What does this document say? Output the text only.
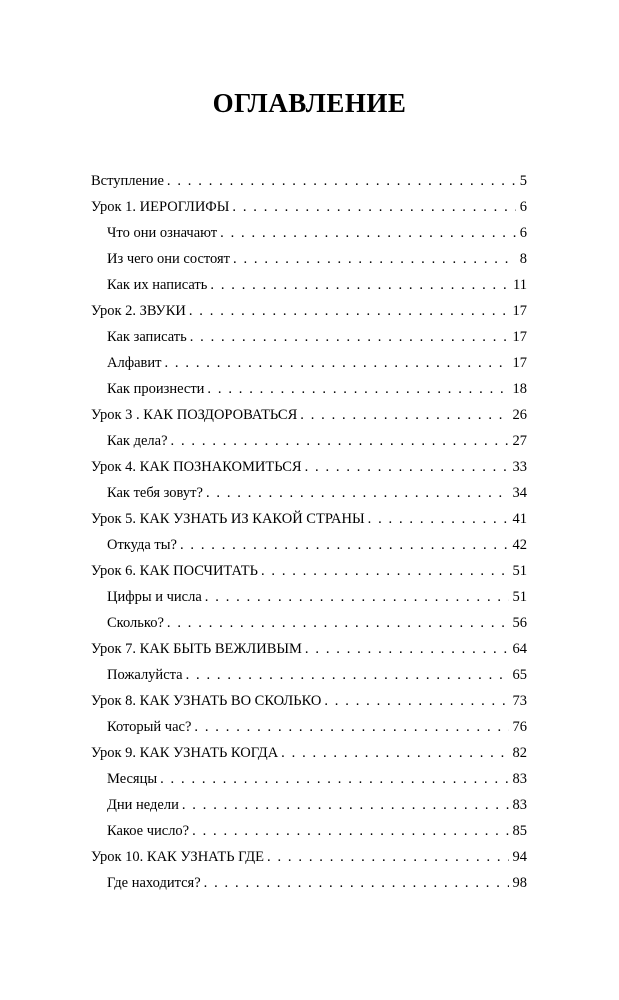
ОГЛАВЛЕНИЕ
Вступление . . .	5
Урок 1. ИЕРОГЛИФЫ . . .	6
Что они означают . . .	6
Из чего они состоят . . .	8
Как их написать . . .	11
Урок 2. ЗВУКИ . . .	17
Как записать . . .	17
Алфавит . . .	17
Как произнести . . .	18
Урок 3 . КАК ПОЗДОРОВАТЬСЯ . . .	26
Как дела? . . .	27
Урок 4. КАК ПОЗНАКОМИТЬСЯ . . .	33
Как тебя зовут? . . .	34
Урок 5. КАК УЗНАТЬ ИЗ КАКОЙ СТРАНЫ . . .	41
Откуда ты? . . .	42
Урок 6. КАК ПОСЧИТАТЬ . . .	51
Цифры и числа . . .	51
Сколько? . . .	56
Урок 7. КАК БЫТЬ ВЕЖЛИВЫМ . . .	64
Пожалуйста . . .	65
Урок 8. КАК УЗНАТЬ ВО СКОЛЬКО . . .	73
Который час? . . .	76
Урок 9. КАК УЗНАТЬ КОГДА . . .	82
Месяцы . . .	83
Дни недели . . .	83
Какое число? . . .	85
Урок 10. КАК УЗНАТЬ ГДЕ . . .	94
Где находится? . . .	98
